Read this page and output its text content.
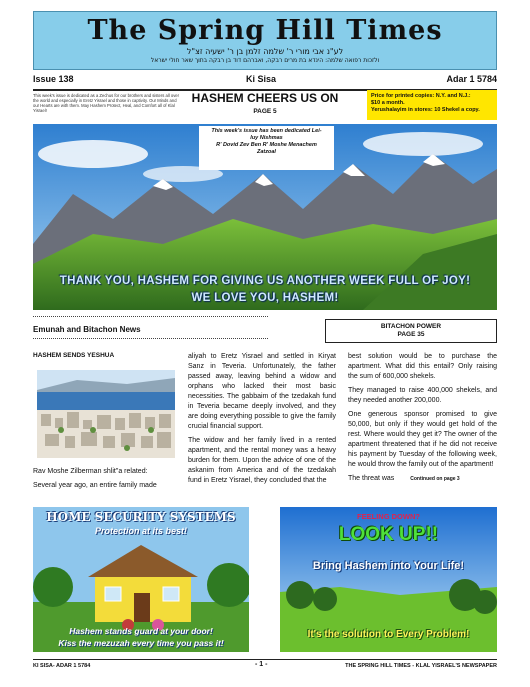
The Spring Hill Times
לע"נ אבי מורי ר' שלמה זלמן בן ר' ישעיה זצ"ל
ולזכות רפואה שלמה: הינדא בת מרים רבקה, ואברהם דוד בן רבקה בתוך שאר חולי ישראל
Issue 138	Ki Sisa	Adar 1 5784
This week's issue is dedicated as a Zechus for our brothers and sisters all over the world and especially in Eretz Yisrael and those in captivity. Our Minds and our Hearts are with them. May Hashem Protect, Heal, and Comfort all of Klal Yisrael!
HASHEM CHEERS US ON
PAGE 5
Price for printed copies: N.Y. and N.J.:
$10 a month.
Yerushalayim in stores: 10 Shekel a copy.
This week's issue has been dedicated Lei-
luy Nishmas
R' Dovid Zev Ben R' Moshe Menachem
Zatzoal
THANK YOU, HASHEM FOR GIVING US ANOTHER WEEK FULL OF JOY!
WE LOVE YOU, HASHEM!
Emunah and Bitachon News	BITACHON POWER
PAGE 35
HASHEM SENDS YESHUA

Rav Moshe Zilberman shlit"a related:

Several year ago, an entire family made

aliyah to Eretz Yisrael and settled in Kiryat Sanz in Teveria. Unfortunately, the father passed away, leaving behind a widow and orphans who lacked their most basic necessities. The gabbaim of the tzedakah fund in Teveria became deeply involved, and they are doing everything possible to give the family crucial financial support.

The widow and her family lived in a rented apartment, and the rental money was a heavy burden for them. Upon the advice of one of the askanim from America and of the tzedakah fund in Eretz Yisrael, they concluded that the

best solution would be to purchase the apartment. What did this entail? Only raising the sum of 600,000 shekels.

They managed to raise 400,000 shekels, and they needed another 200,000.

One generous sponsor promised to give 50,000, but only if they would get hold of the rest. Where would they get it? The owner of the apartment threatened that if he did not receive his payment by Tuesday of the following week, he would throw the family out of the apartment!

The threat was	Continued on page 3

HOME SECURITY SYSTEMS
Protection at its best!
Hashem stands guard at your door!
Kiss the mezuzah every time you pass it!
FEELING DOWN?
LOOK UP!!
Bring Hashem into Your Life!
It's the solution to Every Problem!
KI SISA- ADAR 1 5784	- 1 -	THE SPRING HILL TIMES - KLAL YISRAEL'S NEWSPAPER
